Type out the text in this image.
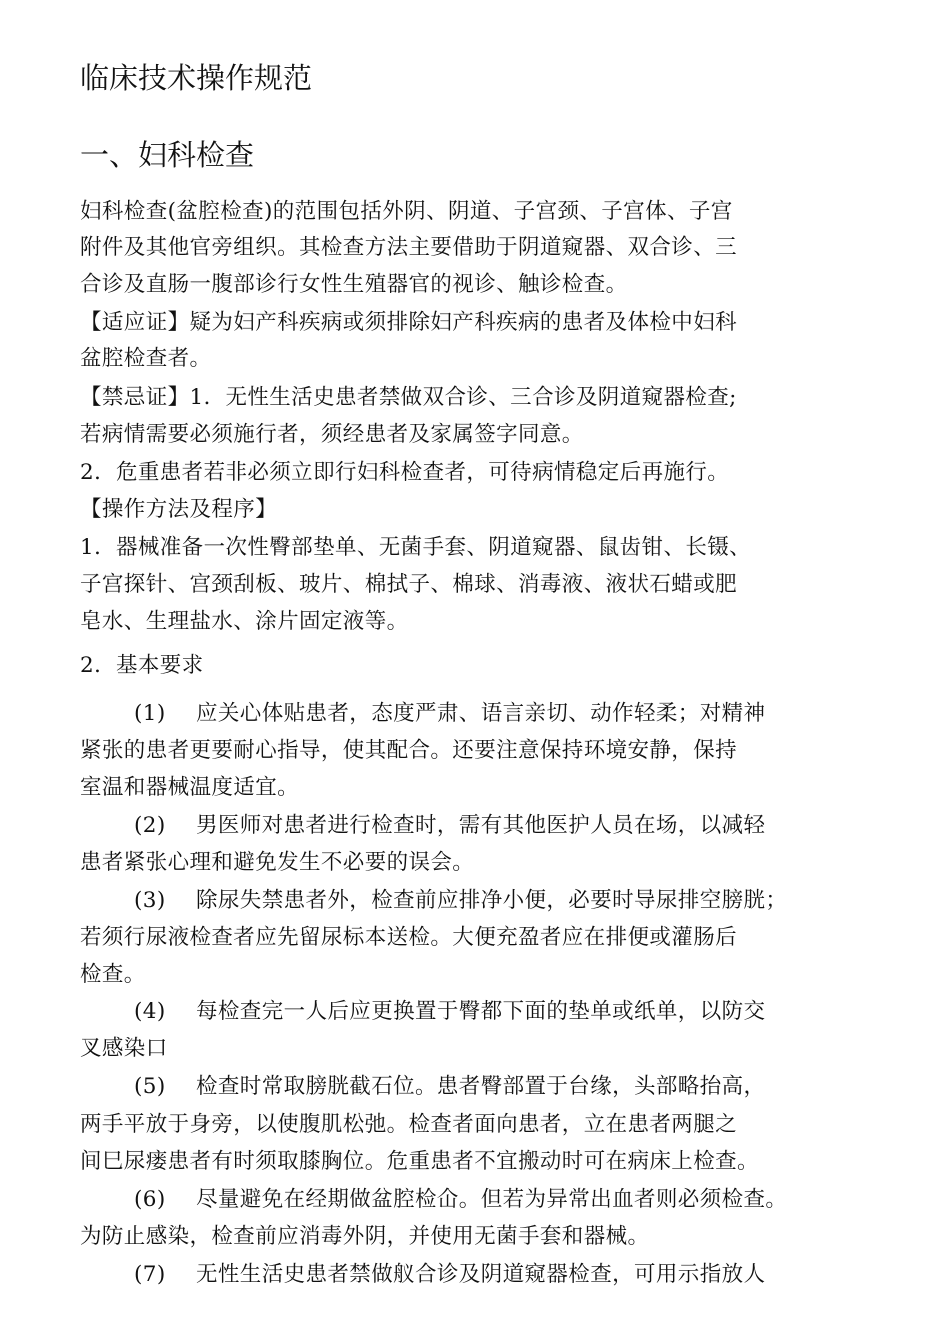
临床技术操作规范
一、妇科检查
妇科检查(盆腔检查)的范围包括外阴、阴道、子宫颈、子宫体、子宫
附件及其他官旁组织。其检查方法主要借助于阴道窥器、双合诊、三
合诊及直肠一腹部诊行女性生殖器官的视诊、触诊检查。
【适应证】疑为妇产科疾病或须排除妇产科疾病的患者及体检中妇科
盆腔检查者。
【禁忌证】1．无性生活史患者禁做双合诊、三合诊及阴道窥器检查;
若病情需要必须施行者，须经患者及家属签字同意。
2．危重患者若非必须立即行妇科检查者，可待病情稳定后再施行。
【操作方法及程序】
1．器械准备一次性臀部垫单、无菌手套、阴道窥器、鼠齿钳、长镊、
子宫探针、宫颈刮板、玻片、棉拭子、棉球、消毒液、液状石蜡或肥
皂水、生理盐水、涂片固定液等。
2．基本要求
(1) 应关心体贴患者，态度严肃、语言亲切、动作轻柔；对精神
紧张的患者更要耐心指导，使其配合。还要注意保持环境安静，保持
室温和器械温度适宜。
(2) 男医师对患者进行检查时，需有其他医护人员在场，以减轻
患者紧张心理和避免发生不必要的误会。
(3) 除尿失禁患者外，检查前应排净小便，必要时导尿排空膀胱；
若须行尿液检查者应先留尿标本送检。大便充盈者应在排便或灌肠后
检查。
(4) 每检查完一人后应更换置于臀都下面的垫单或纸单，以防交
叉感染口
(5) 检查时常取膀胱截石位。患者臀部置于台缘，头部略抬高，
两手平放于身旁，以使腹肌松弛。检查者面向患者，立在患者两腿之
间巳尿瘘患者有时须取膝胸位。危重患者不宜搬动时可在病床上检查。
(6) 尽量避免在经期做盆腔检仚。但若为异常出血者则必须检查。
为防止感染，检查前应消毒外阴，并使用无菌手套和器械。
(7) 无性生活史患者禁做舣合诊及阴道窥器检查，可用示指放人
